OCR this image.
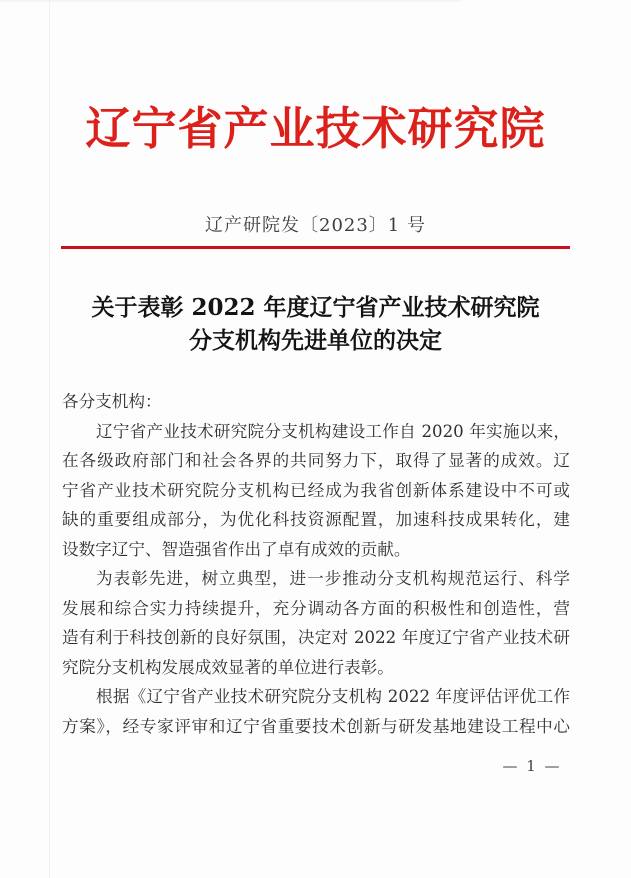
辽宁省产业技术研究院
辽产研院发〔2023〕1 号
关于表彰 2022 年度辽宁省产业技术研究院
分支机构先进单位的决定
各分支机构：
辽宁省产业技术研究院分支机构建设工作自 2020 年实施以来，
在各级政府部门和社会各界的共同努力下，取得了显著的成效。辽
宁省产业技术研究院分支机构已经成为我省创新体系建设中不可或
缺的重要组成部分，为优化科技资源配置，加速科技成果转化，建
设数字辽宁、智造强省作出了卓有成效的贡献。
为表彰先进，树立典型，进一步推动分支机构规范运行、科学
发展和综合实力持续提升，充分调动各方面的积极性和创造性，营
造有利于科技创新的良好氛围，决定对 2022 年度辽宁省产业技术研
究院分支机构发展成效显著的单位进行表彰。
根据《辽宁省产业技术研究院分支机构 2022 年度评估评优工作
方案》，经专家评审和辽宁省重要技术创新与研发基地建设工程中心
— 1 —
